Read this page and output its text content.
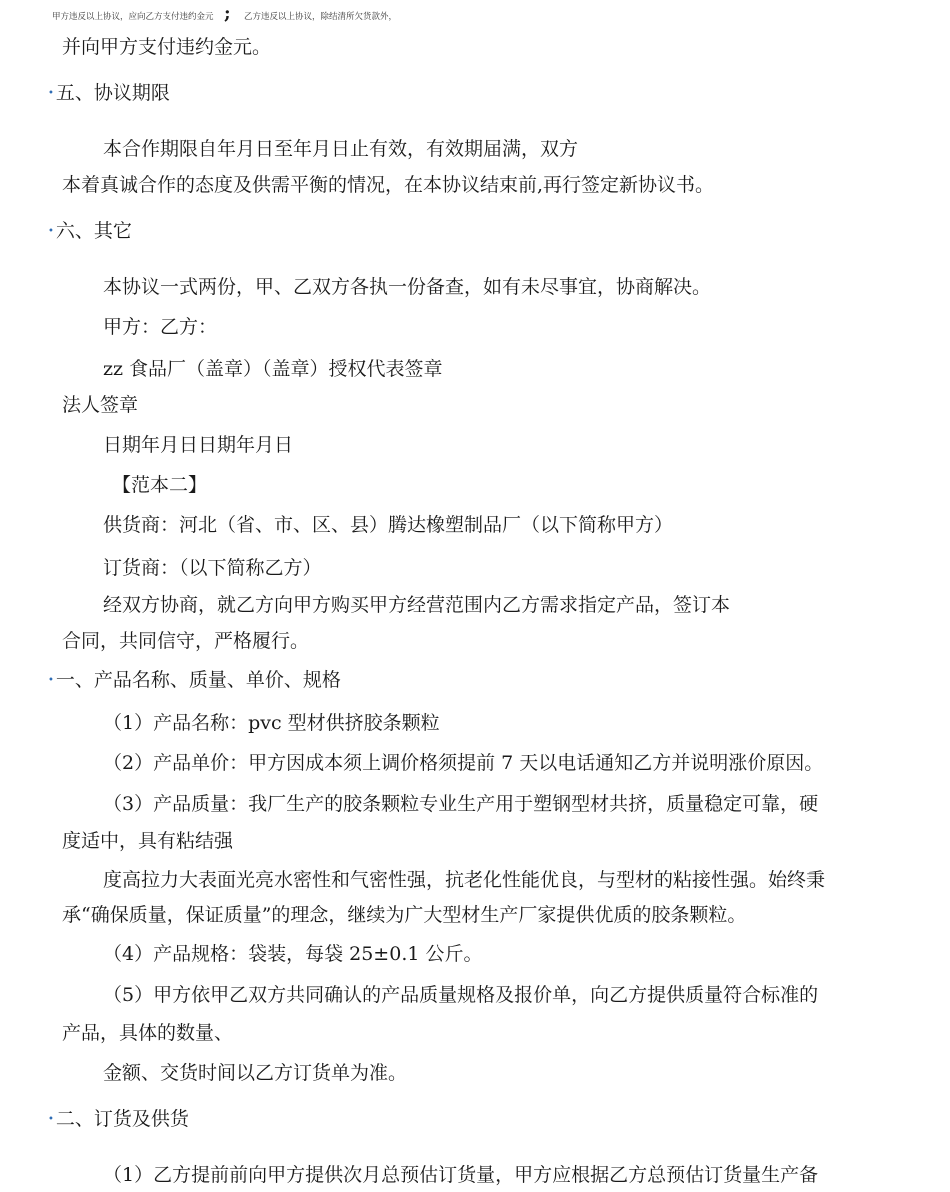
甲方违反以上协议，应向乙方支付违约金元 ; 乙方违反以上协议，除结清所欠货款外，
并向甲方支付违约金元。
• 五、协议期限
本合作期限自年月日至年月日止有效，有效期届满，双方
本着真诚合作的态度及供需平衡的情况，在本协议结束前,再行签定新协议书。
• 六、其它
本协议一式两份，甲、乙双方各执一份备查，如有未尽事宜，协商解决。
甲方：乙方：
zz 食品厂（盖章）（盖章）授权代表签章
法人签章
日期年月日日期年月日
【范本二】
供货商：河北（省、市、区、县）腾达橡塑制品厂（以下简称甲方）
订货商：（以下简称乙方）
经双方协商，就乙方向甲方购买甲方经营范围内乙方需求指定产品，签订本
合同，共同信守，严格履行。
• 一、产品名称、质量、单价、规格
（1）产品名称：pvc 型材供挤胶条颗粒
（2）产品单价：甲方因成本须上调价格须提前 7 天以电话通知乙方并说明涨价原因。
（3）产品质量：我厂生产的胶条颗粒专业生产用于塑钢型材共挤，质量稳定可靠，硬
度适中，具有粘结强
度高拉力大表面光亮水密性和气密性强，抗老化性能优良，与型材的粘接性强。始终秉
承“确保质量，保证质量”的理念，继续为广大型材生产厂家提供优质的胶条颗粒。
（4）产品规格：袋装，每袋 25±0.1 公斤。
（5）甲方依甲乙双方共同确认的产品质量规格及报价单，向乙方提供质量符合标准的
产品，具体的数量、
金额、交货时间以乙方订货单为准。
• 二、订货及供货
（1）乙方提前前向甲方提供次月总预估订货量，甲方应根据乙方总预估订货量生产备
